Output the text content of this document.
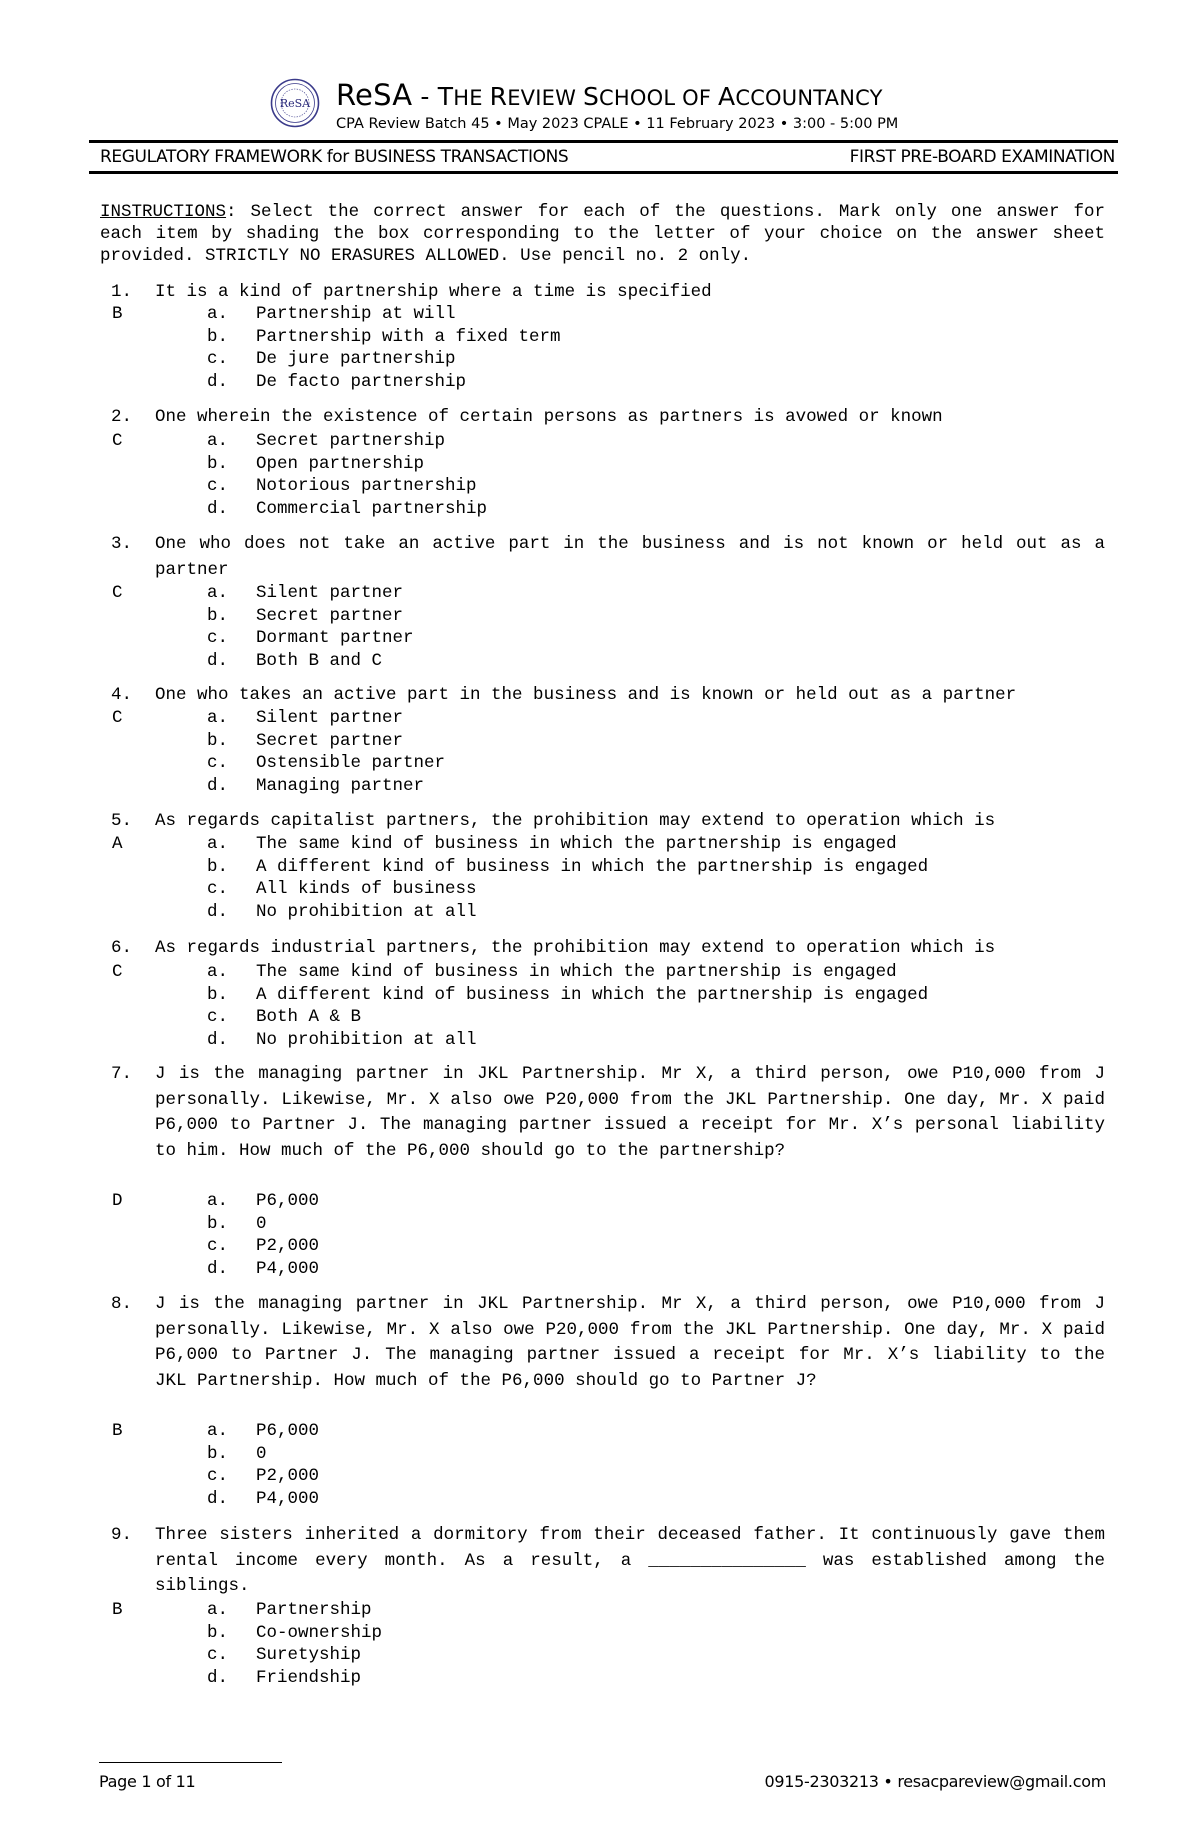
ReSA ReSA - THE REVIEW SCHOOL OF ACCOUNTANCY
CPA Review Batch 45 • May 2023 CPALE • 11 February 2023 • 3:00 - 5:00 PM
REGULATORY FRAMEWORK for BUSINESS TRANSACTIONS	FIRST PRE-BOARD EXAMINATION
INSTRUCTIONS: Select the correct answer for each of the questions. Mark only one answer for each item by shading the box corresponding to the letter of your choice on the answer sheet provided. STRICTLY NO ERASURES ALLOWED. Use pencil no. 2 only.
1. It is a kind of partnership where a time is specified
B	a. Partnership at will
b. Partnership with a fixed term
c. De jure partnership
d. De facto partnership
2. One wherein the existence of certain persons as partners is avowed or known
C	a. Secret partnership
b. Open partnership
c. Notorious partnership
d. Commercial partnership
3. One who does not take an active part in the business and is not known or held out as a partner
C	a. Silent partner
b. Secret partner
c. Dormant partner
d. Both B and C
4. One who takes an active part in the business and is known or held out as a partner
C	a. Silent partner
b. Secret partner
c. Ostensible partner
d. Managing partner
5. As regards capitalist partners, the prohibition may extend to operation which is
A	a. The same kind of business in which the partnership is engaged
b. A different kind of business in which the partnership is engaged
c. All kinds of business
d. No prohibition at all
6. As regards industrial partners, the prohibition may extend to operation which is
C	a. The same kind of business in which the partnership is engaged
b. A different kind of business in which the partnership is engaged
c. Both A & B
d. No prohibition at all
7. J is the managing partner in JKL Partnership. Mr X, a third person, owe P10,000 from J personally. Likewise, Mr. X also owe P20,000 from the JKL Partnership. One day, Mr. X paid P6,000 to Partner J. The managing partner issued a receipt for Mr. X’s personal liability to him. How much of the P6,000 should go to the partnership?
D	a. P6,000
b. 0
c. P2,000
d. P4,000
8. J is the managing partner in JKL Partnership. Mr X, a third person, owe P10,000 from J personally. Likewise, Mr. X also owe P20,000 from the JKL Partnership. One day, Mr. X paid P6,000 to Partner J. The managing partner issued a receipt for Mr. X’s liability to the JKL Partnership. How much of the P6,000 should go to Partner J?
B	a. P6,000
b. 0
c. P2,000
d. P4,000
9. Three sisters inherited a dormitory from their deceased father. It continuously gave them rental income every month. As a result, a _______________ was established among the siblings.
B	a. Partnership
b. Co-ownership
c. Suretyship
d. Friendship
Page 1 of 11	0915-2303213 • resacpareview@gmail.com
